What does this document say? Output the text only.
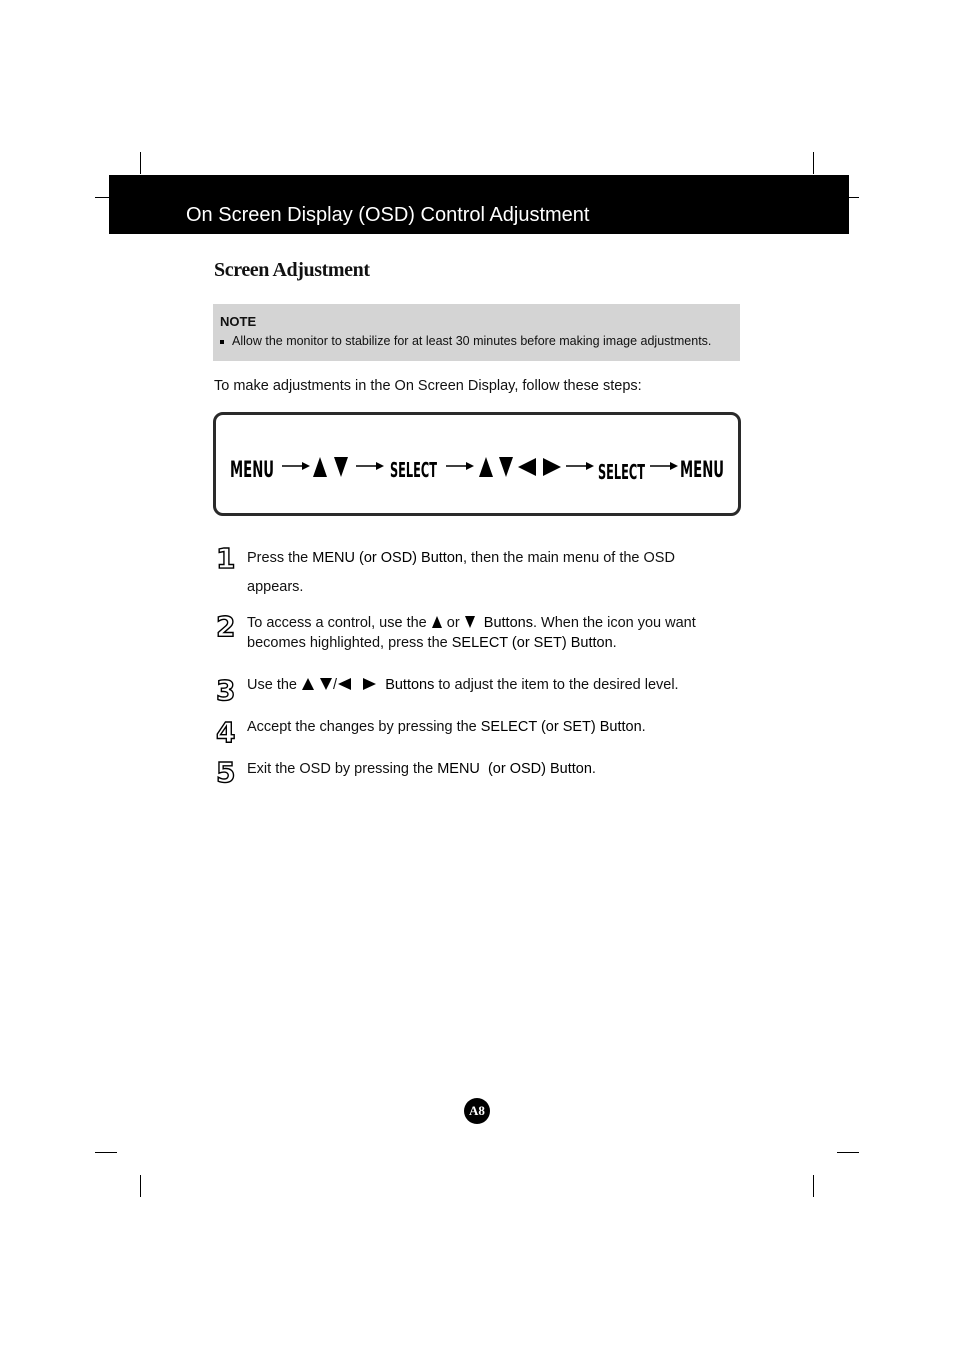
On Screen Display (OSD) Control Adjustment
Screen Adjustment
NOTE
Allow the monitor to stabilize for at least 30 minutes before making image adjustments.
To make adjustments in the On Screen Display, follow these steps:
MENU	SELECT	SELECT MENU
1 Press the MENU (or OSD) Button, then the main menu of the OSD
appears.
2 To access a control, use the  or   Buttons. When the icon you want
becomes highlighted, press the SELECT (or SET) Button.
3 Use the  /	Buttons to adjust the item to the desired level.
4 Accept the changes by pressing the SELECT (or SET) Button.
5 Exit the OSD by pressing the MENU  (or OSD) Button.
A8
